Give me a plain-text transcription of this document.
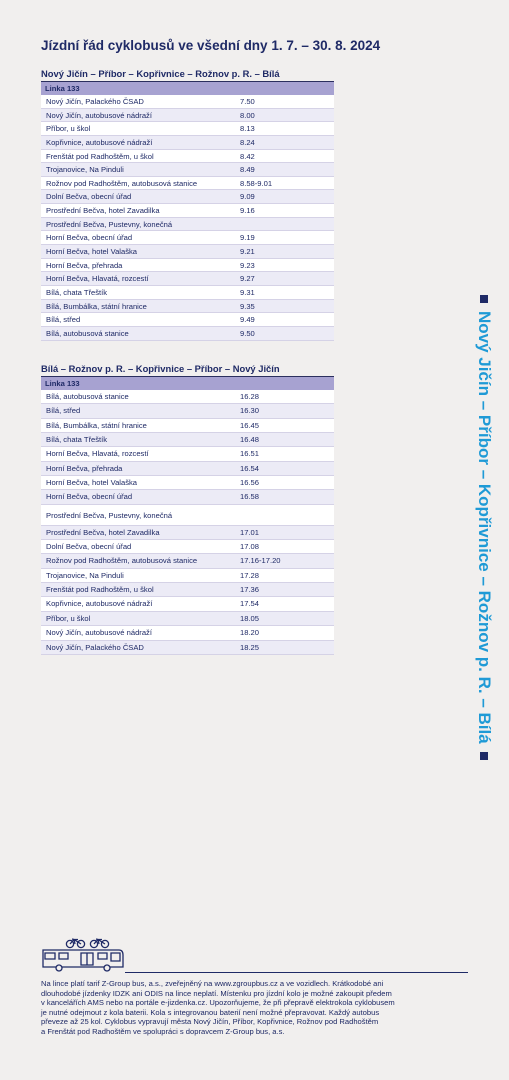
Jízdní řád cyklobusů ve všední dny 1. 7. – 30. 8. 2024
Nový Jičín – Příbor – Kopřivnice – Rožnov p. R. – Bílá
Linka 133
Nový Jičín, Palackého ČSAD	7.50
Nový Jičín, autobusové nádraží	8.00
Příbor, u škol	8.13
Kopřivnice, autobusové nádraží	8.24
Frenštát pod Radhoštěm, u škol	8.42
Trojanovice, Na Pinduli	8.49
Rožnov pod Radhoštěm, autobusová stanice	8.58-9.01
Dolní Bečva, obecní úřad	9.09
Prostřední Bečva, hotel Zavadilka	9.16
Prostřední Bečva, Pustevny, konečná
Horní Bečva, obecní úřad	9.19
Horní Bečva, hotel Valaška	9.21
Horní Bečva, přehrada	9.23
Horní Bečva, Hlavatá, rozcestí	9.27
Bílá, chata Třeštík	9.31
Bílá, Bumbálka, státní hranice	9.35
Bílá, střed	9.49
Bílá, autobusová stanice	9.50
Bílá – Rožnov p. R. – Kopřivnice – Příbor – Nový Jičín
Linka 133
Bílá, autobusová stanice	16.28
Bílá, střed	16.30
Bílá, Bumbálka, státní hranice	16.45
Bílá, chata Třeštík	16.48
Horní Bečva, Hlavatá, rozcestí	16.51
Horní Bečva, přehrada	16.54
Horní Bečva, hotel Valaška	16.56
Horní Bečva, obecní úřad	16.58
Prostřední Bečva, Pustevny, konečná
Prostřední Bečva, hotel Zavadilka	17.01
Dolní Bečva, obecní úřad	17.08
Rožnov pod Radhoštěm, autobusová stanice	17.16-17.20
Trojanovice, Na Pinduli	17.28
Frenštát pod Radhoštěm, u škol	17.36
Kopřivnice, autobusové nádraží	17.54
Příbor, u škol	18.05
Nový Jičín, autobusové nádraží	18.20
Nový Jičín, Palackého ČSAD	18.25	Nový Jičín – Příbor – Kopřivnice – Rožnov p. R. – Bílá
Na lince platí tarif Z-Group bus, a.s., zveřejněný na www.zgroupbus.cz a ve vozidlech. Krátkodobé ani
dlouhodobé jízdenky IDZK ani ODIS na lince neplatí. Místenku pro jízdní kolo je možné zakoupit předem
v kancelářích AMS nebo na portále e-jizdenka.cz. Upozorňujeme, že při přepravě elektrokola cyklobusem
je nutné odejmout z kola baterii. Kola s integrovanou baterií není možné přepravovat. Každý autobus
převeze až 25 kol. Cyklobus vypravují města Nový Jičín, Příbor, Kopřivnice, Rožnov pod Radhoštěm
a Frenštát pod Radhoštěm ve spolupráci s dopravcem Z-Group bus, a.s.
